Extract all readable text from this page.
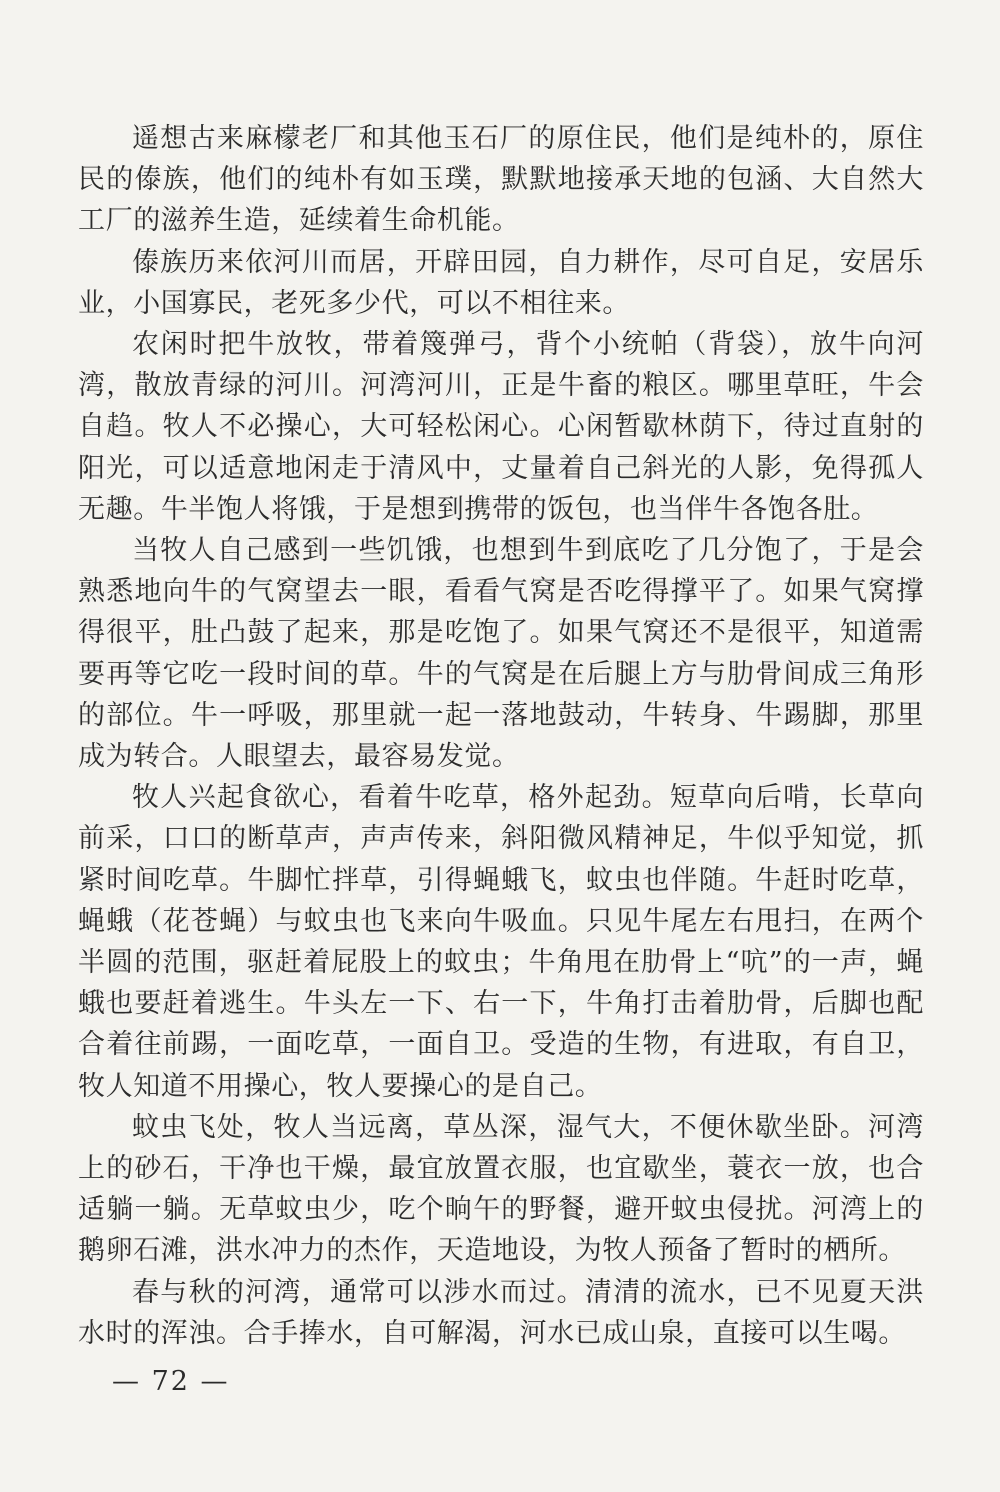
遥想古来麻檬老厂和其他玉石厂的原住民，他们是纯朴的，原住民的傣族，他们的纯朴有如玉璞，默默地接承天地的包涵、大自然大工厂的滋养生造，延续着生命机能。

傣族历来依河川而居，开辟田园，自力耕作，尽可自足，安居乐业，小国寡民，老死多少代，可以不相往来。

农闲时把牛放牧，带着篾弹弓，背个小统帕（背袋），放牛向河湾，散放青绿的河川。河湾河川，正是牛畜的粮区。哪里草旺，牛会自趋。牧人不必操心，大可轻松闲心。心闲暂歇林荫下，待过直射的阳光，可以适意地闲走于清风中，丈量着自己斜光的人影，免得孤人无趣。牛半饱人将饿，于是想到携带的饭包，也当伴牛各饱各肚。

当牧人自己感到一些饥饿，也想到牛到底吃了几分饱了，于是会熟悉地向牛的气窝望去一眼，看看气窝是否吃得撑平了。如果气窝撑得很平，肚凸鼓了起来，那是吃饱了。如果气窝还不是很平，知道需要再等它吃一段时间的草。牛的气窝是在后腿上方与肋骨间成三角形的部位。牛一呼吸，那里就一起一落地鼓动，牛转身、牛踢脚，那里成为转合。人眼望去，最容易发觉。

牧人兴起食欲心，看着牛吃草，格外起劲。短草向后啃，长草向前采，口口的断草声，声声传来，斜阳微风精神足，牛似乎知觉，抓紧时间吃草。牛脚忙拌草，引得蝇蛾飞，蚊虫也伴随。牛赶时吃草，蝇蛾（花苍蝇）与蚊虫也飞来向牛吸血。只见牛尾左右甩扫，在两个半圆的范围，驱赶着屁股上的蚊虫；牛角甩在肋骨上“吭”的一声，蝇蛾也要赶着逃生。牛头左一下、右一下，牛角打击着肋骨，后脚也配合着往前踢，一面吃草，一面自卫。受造的生物，有进取，有自卫，牧人知道不用操心，牧人要操心的是自己。

蚊虫飞处，牧人当远离，草丛深，湿气大，不便休歇坐卧。河湾上的砂石，干净也干燥，最宜放置衣服，也宜歇坐，蓑衣一放，也合适躺一躺。无草蚊虫少，吃个晌午的野餐，避开蚊虫侵扰。河湾上的鹅卵石滩，洪水冲力的杰作，天造地设，为牧人预备了暂时的栖所。

春与秋的河湾，通常可以涉水而过。清清的流水，已不见夏天洪水时的浑浊。合手捧水，自可解渴，河水已成山泉，直接可以生喝。

— 72 —
